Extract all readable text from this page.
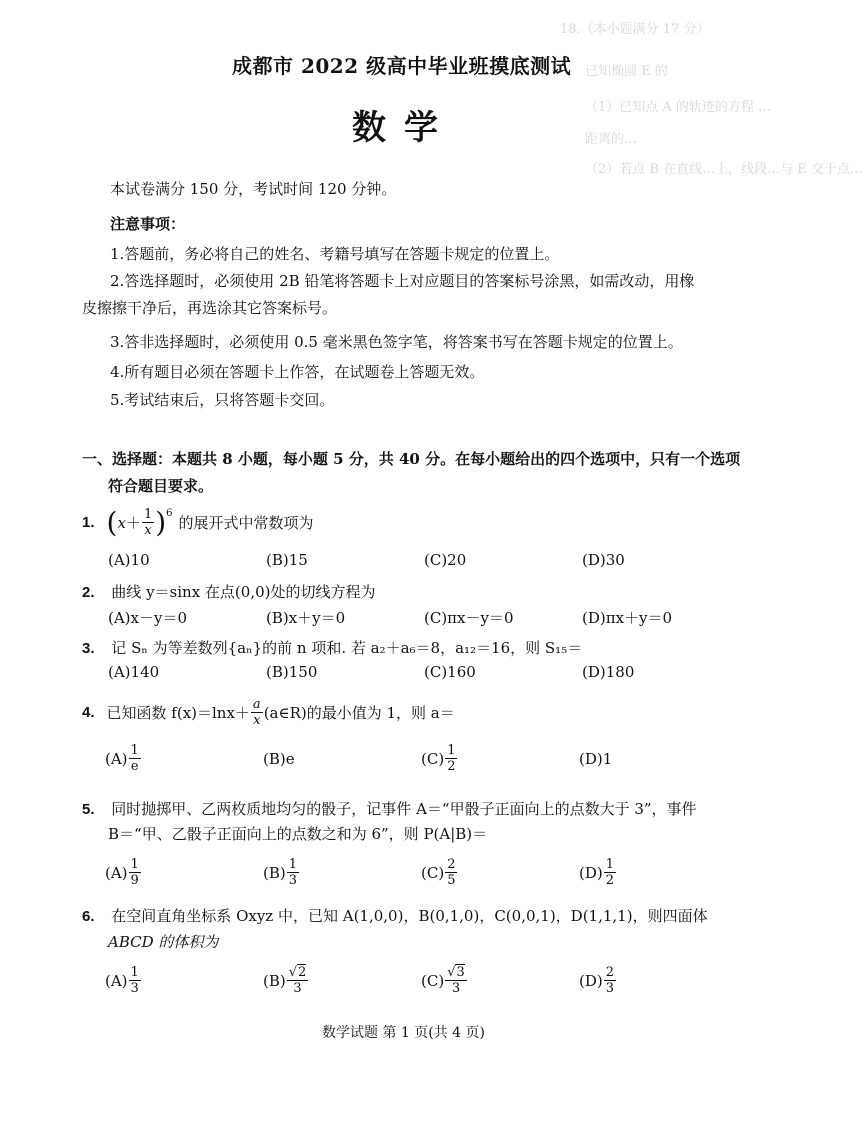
18.（本小题满分 17 分）
已知椭圆 E 的
（1）已知点 A 的轨迹的方程 …
距离的…
（2）若点 B 在直线…上，线段…与 E 交于点…
成都市 2022 级高中毕业班摸底测试
数学
本试卷满分 150 分，考试时间 120 分钟。
注意事项：
1.答题前，务必将自己的姓名、考籍号填写在答题卡规定的位置上。
2.答选择题时，必须使用 2B 铅笔将答题卡上对应题目的答案标号涂黑，如需改动，用橡
皮擦擦干净后，再选涂其它答案标号。
3.答非选择题时，必须使用 0.5 毫米黑色签字笔，将答案书写在答题卡规定的位置上。
4.所有题目必须在答题卡上作答，在试题卷上答题无效。
5.考试结束后，只将答题卡交回。
一、选择题：本题共 8 小题，每小题 5 分，共 40 分。在每小题给出的四个选项中，只有一个选项
符合题目要求。
1. ( $x + \frac{1}{x} )^6$
的展开式中常数项为
(A)10	(B)15	(C)20	(D)30
2. 曲线 y＝sinx 在点(0,0)处的切线方程为
(A)x－y＝0	(B)x＋y＝0	(C)πx－y＝0	(D)πx＋y＝0
3. 记 Sₙ 为等差数列{aₙ}的前 n 项和. 若 a₂＋a₆＝8，a₁₂＝16，则 S₁₅＝
(A)140	(B)150	(C)160	(D)180
4. 已知函数 $f(x)=\ln x+ \frac{a}{x}$ (a∈R)的最小值为 1，则 a＝
$(A) \frac{1}{e}$	(B)e	$(C) \frac{1}{2}$	(D)1
5. 同时抛掷甲、乙两枚质地均匀的骰子，记事件 A＝“甲骰子正面向上的点数大于 3”，事件
B＝“甲、乙骰子正面向上的点数之和为 6”，则 P(A|B)＝
$(A) \frac{1}{9}$	$(B) \frac{1}{3}$	$(C) \frac{2}{5}$	$(D) \frac{1}{2}$
6. 在空间直角坐标系 Oxyz 中，已知 A(1,0,0)，B(0,1,0)，C(0,0,1)，D(1,1,1)，则四面体
ABCD 的体积为
$(A) \frac{1}{3}$	$(B) \frac{√2}{3}$	$(C) \frac{√3}{3}$	$(D) \frac{2}{3}$
数学试题 第 1 页(共 4 页)
